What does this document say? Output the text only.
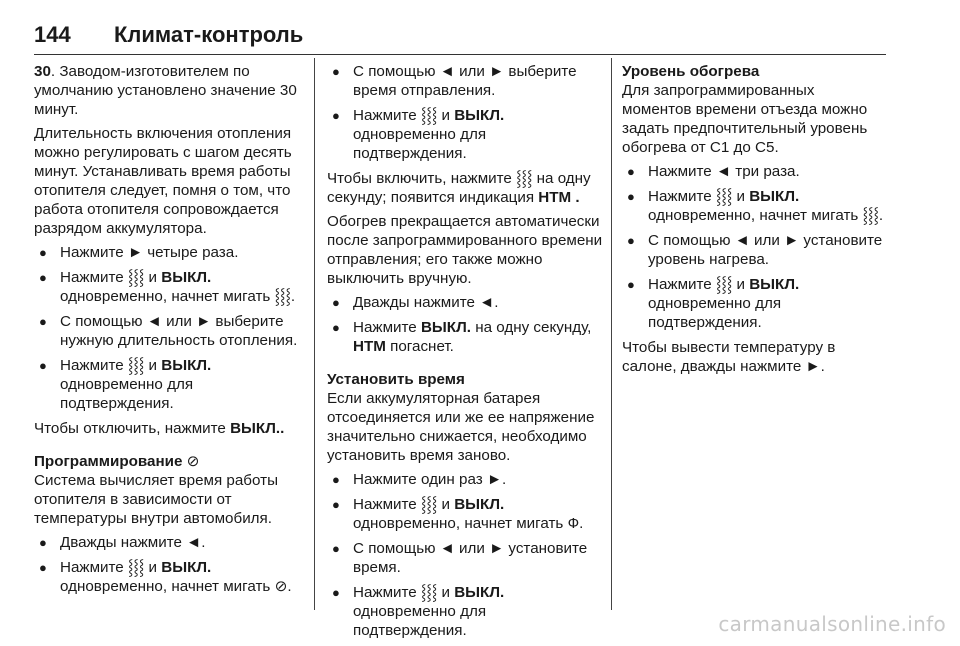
144	Климат-контроль

30. Заводом-изготовителем по умолчанию установлено значение 30 минут.

Длительность включения отопления можно регулировать с шагом десять минут. Устанавливать время работы отопителя следует, помня о том, что работа отопителя сопровождается разрядом аккумулятора.

● Нажмите ► четыре раза.
● Нажмите ⸾⸾⸾ и ВЫКЛ. одновременно, начнет мигать ⸾⸾⸾.
● С помощью ◄ или ► выберите нужную длительность отопления.
● Нажмите ⸾⸾⸾ и ВЫКЛ. одновременно для подтверждения.

Чтобы отключить, нажмите ВЫКЛ..

Программирование ⊘

Система вычисляет время работы отопителя в зависимости от температуры внутри автомобиля.

● Дважды нажмите ◄.
● Нажмите ⸾⸾⸾ и ВЫКЛ. одновременно, начнет мигать ⊘.
● С помощью ◄ или ► выберите время отправления.
● Нажмите ⸾⸾⸾ и ВЫКЛ. одновременно для подтверждения.

Чтобы включить, нажмите ⸾⸾⸾ на одну секунду; появится индикация НТМ .

Обогрев прекращается автоматически после запрограммированного времени отправления; его также можно выключить вручную.

● Дважды нажмите ◄.
● Нажмите ВЫКЛ. на одну секунду, НТМ погаснет.

Установить время

Если аккумуляторная батарея отсоединяется или же ее напряжение значительно снижается, необходимо установить время заново.

● Нажмите один раз ►.
● Нажмите ⸾⸾⸾ и ВЫКЛ. одновременно, начнет мигать Ф.
● С помощью ◄ или ► установите время.
● Нажмите ⸾⸾⸾ и ВЫКЛ. одновременно для подтверждения.

Уровень обогрева

Для запрограммированных моментов времени отъезда можно задать предпочтительный уровень обогрева от C1 до C5.

● Нажмите ◄ три раза.
● Нажмите ⸾⸾⸾ и ВЫКЛ. одновременно, начнет мигать ⸾⸾⸾.
● С помощью ◄ или ► установите уровень нагрева.
● Нажмите ⸾⸾⸾ и ВЫКЛ. одновременно для подтверждения.

Чтобы вывести температуру в салоне, дважды нажмите ►.

carmanualsonline.info
